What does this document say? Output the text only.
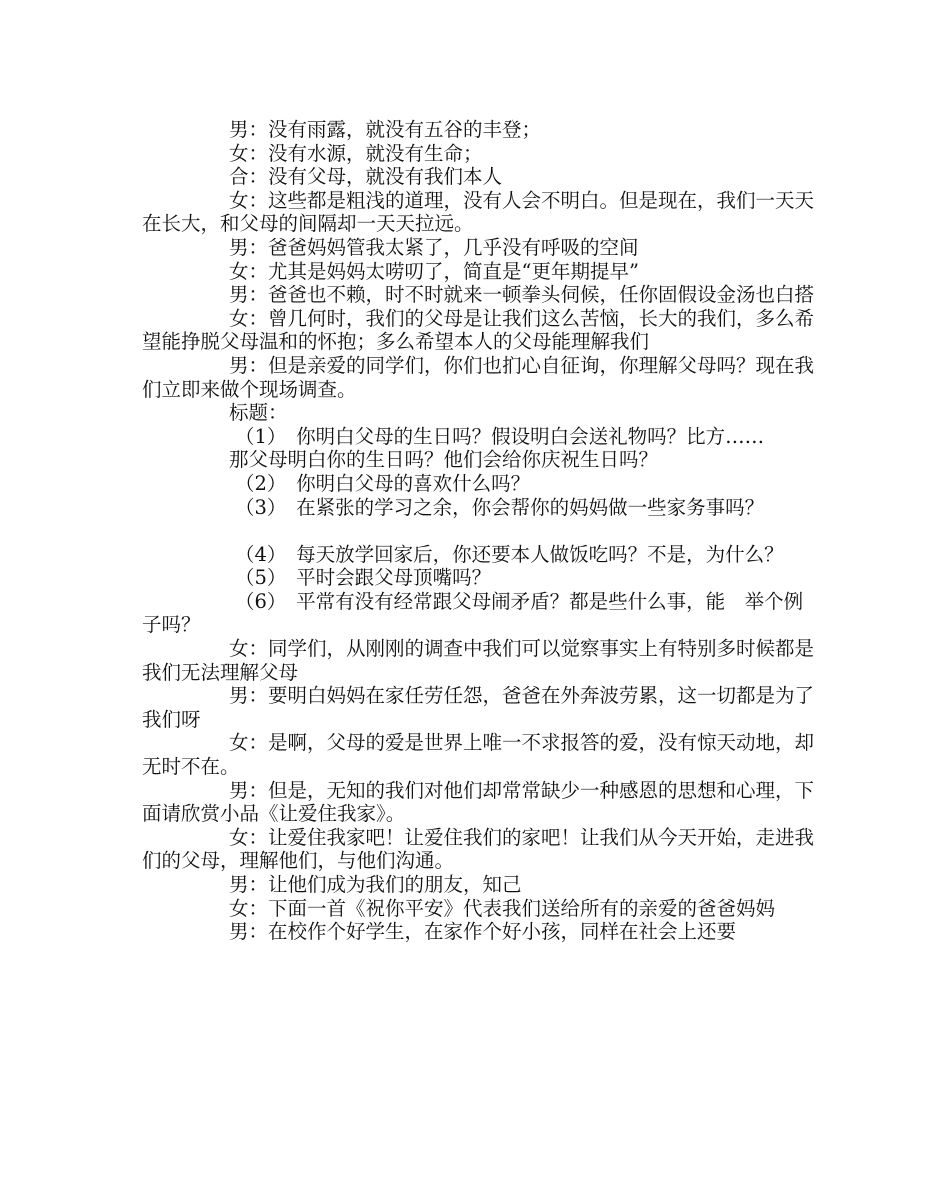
男：没有雨露，就没有五谷的丰登；

女：没有水源，就没有生命；

合：没有父母，就没有我们本人

女：这些都是粗浅的道理，没有人会不明白。但是现在，我们一天天在长大，和父母的间隔却一天天拉远。

男：爸爸妈妈管我太紧了，几乎没有呼吸的空间

女：尤其是妈妈太唠叨了，简直是“更年期提早”

男：爸爸也不赖，时不时就来一顿拳头伺候，任你固假设金汤也白搭

女：曾几何时，我们的父母是让我们这么苦恼，长大的我们，多么希望能挣脱父母温和的怀抱；多么希望本人的父母能理解我们

男：但是亲爱的同学们，你们也扪心自征询，你理解父母吗？现在我们立即来做个现场调查。

标题：

（1）　你明白父母的生日吗？假设明白会送礼物吗？比方……

那父母明白你的生日吗？他们会给你庆祝生日吗？

（2）　你明白父母的喜欢什么吗？

（3）　在紧张的学习之余，你会帮你的妈妈做一些家务事吗？

（4）　每天放学回家后，你还要本人做饭吃吗？不是，为什么？

（5）　平时会跟父母顶嘴吗？

（6）　平常有没有经常跟父母闹矛盾？都是些什么事，能　举个例子吗？

女：同学们，从刚刚的调查中我们可以觉察事实上有特别多时候都是我们无法理解父母

男：要明白妈妈在家任劳任怨，爸爸在外奔波劳累，这一切都是为了我们呀

女：是啊，父母的爱是世界上唯一不求报答的爱，没有惊天动地，却无时不在。

男：但是，无知的我们对他们却常常缺少一种感恩的思想和心理，下面请欣赏小品《让爱住我家》。

女：让爱住我家吧！让爱住我们的家吧！让我们从今天开始，走进我们的父母，理解他们，与他们沟通。

男：让他们成为我们的朋友，知己

女：下面一首《祝你平安》代表我们送给所有的亲爱的爸爸妈妈

男：在校作个好学生，在家作个好小孩，同样在社会上还要
